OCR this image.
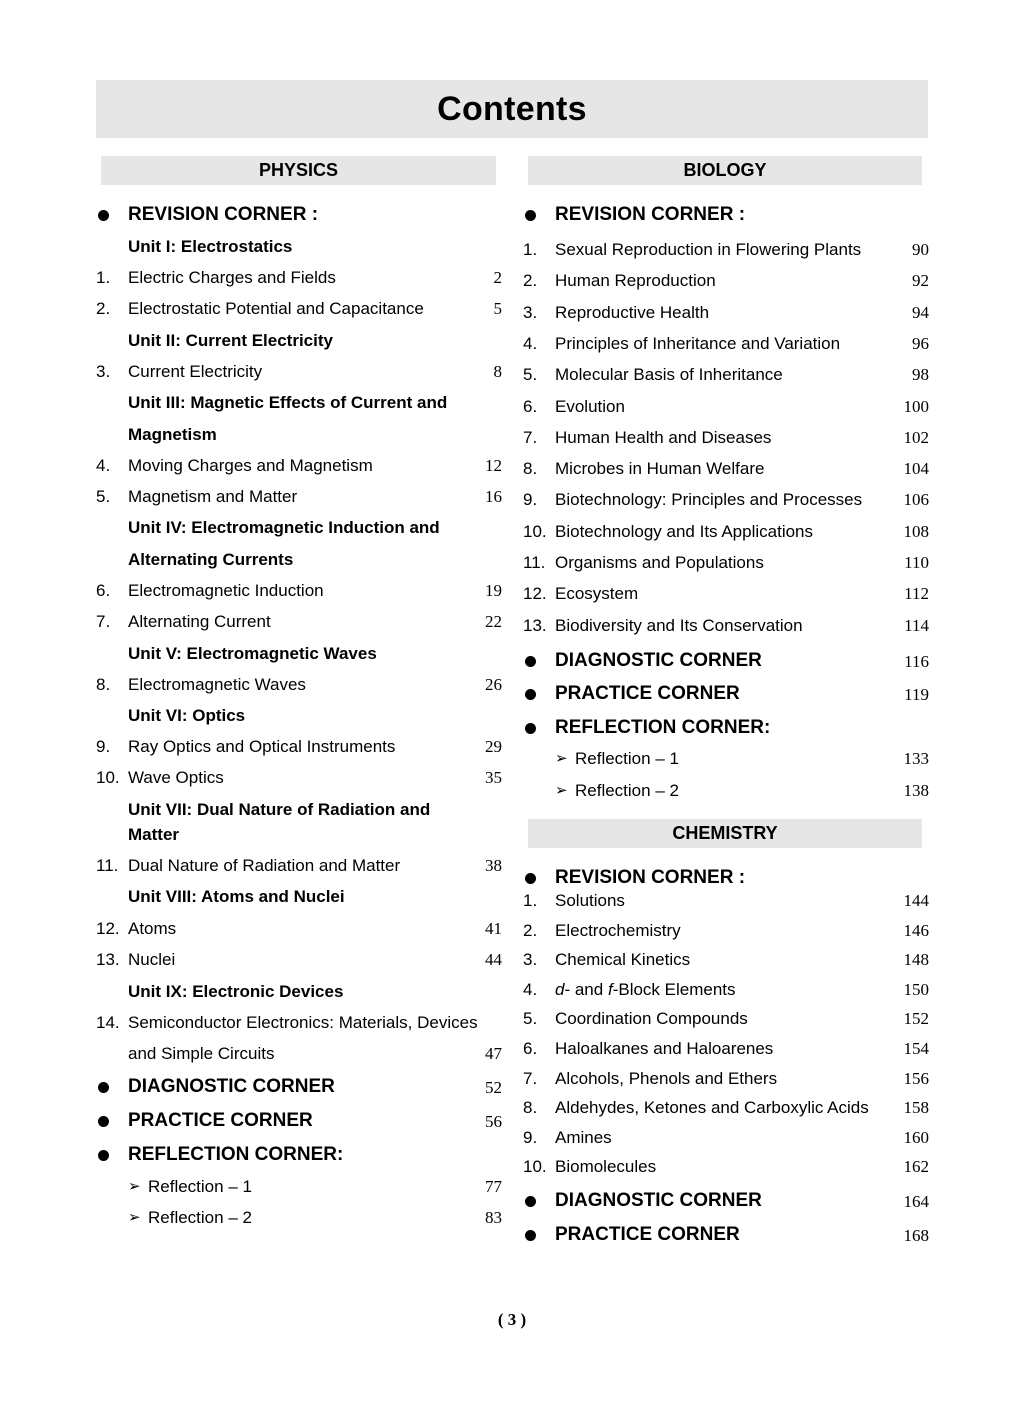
Contents
PHYSICS
REVISION CORNER :
Unit I: Electrostatics
1. Electric Charges and Fields	2
2. Electrostatic Potential and Capacitance	5
Unit II: Current Electricity
3. Current Electricity	8
Unit III: Magnetic Effects of Current and
Magnetism
4. Moving Charges and Magnetism	12
5. Magnetism and Matter	16
Unit IV: Electromagnetic Induction and
Alternating Currents
6. Electromagnetic Induction	19
7. Alternating Current	22
Unit V: Electromagnetic Waves
8. Electromagnetic Waves	26
Unit VI: Optics
9. Ray Optics and Optical Instruments	29
10. Wave Optics	35
Unit VII: Dual Nature of Radiation and
Matter
11. Dual Nature of Radiation and Matter	38
Unit VIII: Atoms and Nuclei
12. Atoms	41
13. Nuclei	44
Unit IX: Electronic Devices
14. Semiconductor Electronics: Materials, Devices
and Simple Circuits	47
DIAGNOSTIC CORNER	52
PRACTICE CORNER	56
REFLECTION CORNER:
➢ Reflection – 1	77
➢ Reflection – 2	83
BIOLOGY
REVISION CORNER :
1. Sexual Reproduction in Flowering Plants	90
2. Human Reproduction	92
3. Reproductive Health	94
4. Principles of Inheritance and Variation	96
5. Molecular Basis of Inheritance	98
6. Evolution	100
7. Human Health and Diseases	102
8. Microbes in Human Welfare	104
9. Biotechnology: Principles and Processes	106
10. Biotechnology and Its Applications	108
11. Organisms and Populations	110
12. Ecosystem	112
13. Biodiversity and Its Conservation	114
DIAGNOSTIC CORNER	116
PRACTICE CORNER	119
REFLECTION CORNER:
➢ Reflection – 1	133
➢ Reflection – 2	138
CHEMISTRY
REVISION CORNER :
1. Solutions	144
2. Electrochemistry	146
3. Chemical Kinetics	148
4. d- and f-Block Elements	150
5. Coordination Compounds	152
6. Haloalkanes and Haloarenes	154
7. Alcohols, Phenols and Ethers	156
8. Aldehydes, Ketones and Carboxylic Acids	158
9. Amines	160
10. Biomolecules	162
DIAGNOSTIC CORNER	164
PRACTICE CORNER	168
( 3 )
